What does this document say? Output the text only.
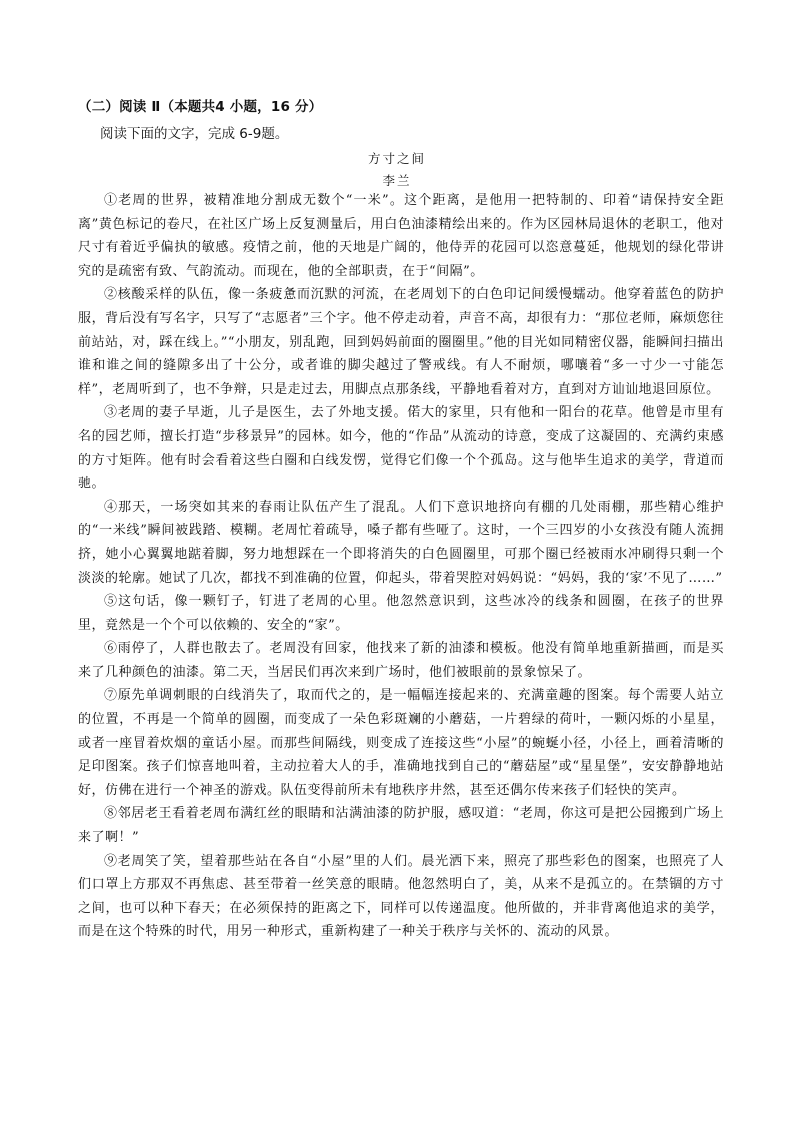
（二）阅读 Ⅱ（本题共4 小题，16 分）
阅读下面的文字，完成 6-9题。
方寸之间
李兰

①老周的世界，被精准地分割成无数个“一米”。这个距离，是他用一把特制的、印着“请保持安全距离”黄色标记的卷尺，在社区广场上反复测量后，用白色油漆精绘出来的。作为区园林局退休的老职工，他对尺寸有着近乎偏执的敏感。疫情之前，他的天地是广阔的，他侍弄的花园可以恣意蔓延，他规划的绿化带讲究的是疏密有致、气韵流动。而现在，他的全部职责，在于“间隔”。

②核酸采样的队伍，像一条疲惫而沉默的河流，在老周划下的白色印记间缓慢蠕动。他穿着蓝色的防护服，背后没有写名字，只写了“志愿者”三个字。他不停走动着，声音不高，却很有力：“那位老师，麻烦您往前站站，对，踩在线上。”“小朋友，别乱跑，回到妈妈前面的圈圈里。”他的目光如同精密仪器，能瞬间扫描出谁和谁之间的缝隙多出了十公分，或者谁的脚尖越过了警戒线。有人不耐烦，哪嚷着“多一寸少一寸能怎样”，老周听到了，也不争辩，只是走过去，用脚点点那条线，平静地看着对方，直到对方讪讪地退回原位。

③老周的妻子早逝，儿子是医生，去了外地支援。偌大的家里，只有他和一阳台的花草。他曾是市里有名的园艺师，擅长打造“步移景异”的园林。如今，他的“作品”从流动的诗意，变成了这凝固的、充满约束感的方寸矩阵。他有时会看着这些白圈和白线发愣，觉得它们像一个个孤岛。这与他毕生追求的美学，背道而驰。

④那天，一场突如其来的春雨让队伍产生了混乱。人们下意识地挤向有棚的几处雨棚，那些精心维护的“一米线”瞬间被践踏、模糊。老周忙着疏导，嗓子都有些哑了。这时，一个三四岁的小女孩没有随人流拥挤，她小心翼翼地踮着脚，努力地想踩在一个即将消失的白色圆圈里，可那个圈已经被雨水冲刷得只剩一个淡淡的轮廓。她试了几次，都找不到准确的位置，仰起头，带着哭腔对妈妈说：“妈妈，我的‘家’不见了……”

⑤这句话，像一颗钉子，钉进了老周的心里。他忽然意识到，这些冰冷的线条和圆圈，在孩子的世界里，竟然是一个个可以依赖的、安全的“家”。

⑥雨停了，人群也散去了。老周没有回家，他找来了新的油漆和模板。他没有简单地重新描画，而是买来了几种颜色的油漆。第二天，当居民们再次来到广场时，他们被眼前的景象惊呆了。

⑦原先单调刺眼的白线消失了，取而代之的，是一幅幅连接起来的、充满童趣的图案。每个需要人站立的位置，不再是一个简单的圆圈，而变成了一朵色彩斑斓的小蘑菇，一片碧绿的荷叶，一颗闪烁的小星星，或者一座冒着炊烟的童话小屋。而那些间隔线，则变成了连接这些“小屋”的蜿蜒小径，小径上，画着清晰的足印图案。孩子们惊喜地叫着，主动拉着大人的手，准确地找到自己的“蘑菇屋”或“星星堡”，安安静静地站好，仿佛在进行一个神圣的游戏。队伍变得前所未有地秩序井然，甚至还偶尔传来孩子们轻快的笑声。

⑧邻居老王看着老周布满红丝的眼睛和沾满油漆的防护服，感叹道：“老周，你这可是把公园搬到广场上来了啊！”

⑨老周笑了笑，望着那些站在各自“小屋”里的人们。晨光洒下来，照亮了那些彩色的图案，也照亮了人们口罩上方那双不再焦虑、甚至带着一丝笑意的眼睛。他忽然明白了，美，从来不是孤立的。在禁锢的方寸之间，也可以种下春天；在必须保持的距离之下，同样可以传递温度。他所做的，并非背离他追求的美学，而是在这个特殊的时代，用另一种形式，重新构建了一种关于秩序与关怀的、流动的风景。
